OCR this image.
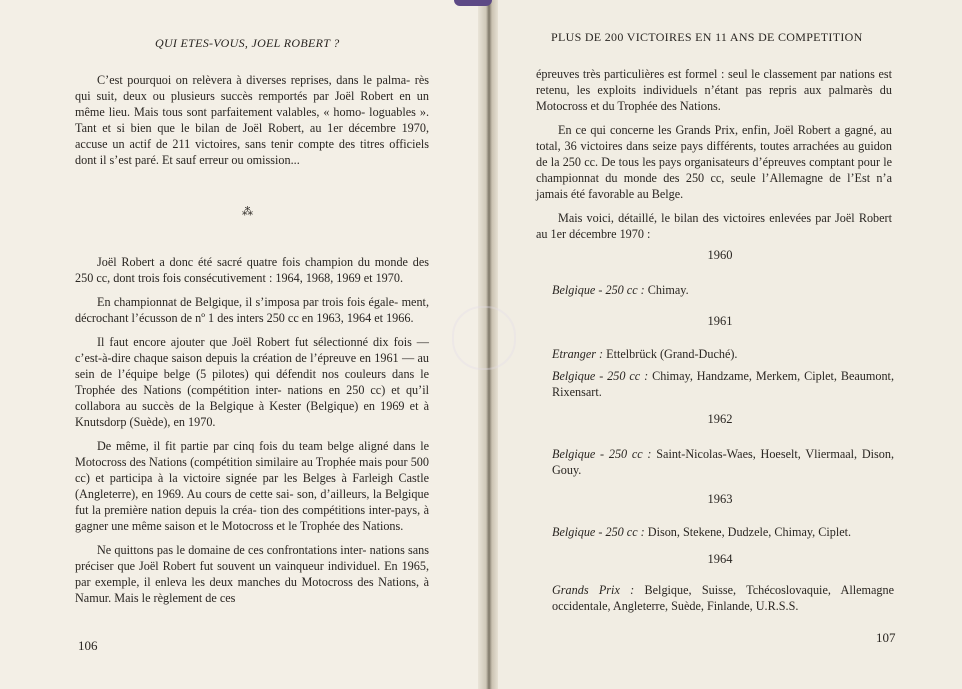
QUI ETES-VOUS, JOEL ROBERT ?

C’est pourquoi on relèvera à diverses reprises, dans le palma- rès qui suit, deux ou plusieurs succès remportés par Joël Robert en un même lieu. Mais tous sont parfaitement valables, « homo- loguables ». Tant et si bien que le bilan de Joël Robert, au 1er décembre 1970, accuse un actif de 211 victoires, sans tenir compte des titres officiels dont il s’est paré. Et sauf erreur ou omission...

⁂

Joël Robert a donc été sacré quatre fois champion du monde des 250 cc, dont trois fois consécutivement : 1964, 1968, 1969 et 1970.

En championnat de Belgique, il s’imposa par trois fois égale- ment, décrochant l’écusson de nº 1 des inters 250 cc en 1963, 1964 et 1966.

Il faut encore ajouter que Joël Robert fut sélectionné dix fois — c’est-à-dire chaque saison depuis la création de l’épreuve en 1961 — au sein de l’équipe belge (5 pilotes) qui défendit nos couleurs dans le Trophée des Nations (compétition inter- nations en 250 cc) et qu’il collabora au succès de la Belgique à Kester (Belgique) en 1969 et à Knutsdorp (Suède), en 1970.

De même, il fit partie par cinq fois du team belge aligné dans le Motocross des Nations (compétition similaire au Trophée mais pour 500 cc) et participa à la victoire signée par les Belges à Farleigh Castle (Angleterre), en 1969. Au cours de cette sai- son, d’ailleurs, la Belgique fut la première nation depuis la créa- tion des compétitions inter-pays, à gagner une même saison et le Motocross et le Trophée des Nations.

Ne quittons pas le domaine de ces confrontations inter- nations sans préciser que Joël Robert fut souvent un vainqueur individuel. En 1965, par exemple, il enleva les deux manches du Motocross des Nations, à Namur. Mais le règlement de ces

106
PLUS DE 200 VICTOIRES EN 11 ANS DE COMPETITION

épreuves très particulières est formel : seul le classement par nations est retenu, les exploits individuels n’étant pas repris aux palmarès du Motocross et du Trophée des Nations.

En ce qui concerne les Grands Prix, enfin, Joël Robert a gagné, au total, 36 victoires dans seize pays différents, toutes arrachées au guidon de la 250 cc. De tous les pays organisateurs d’épreuves comptant pour le championnat du monde des 250 cc, seule l’Allemagne de l’Est n’a jamais été favorable au Belge.

Mais voici, détaillé, le bilan des victoires enlevées par Joël Robert au 1er décembre 1970 :

1960
Belgique - 250 cc : Chimay.
1961
Etranger : Ettelbrück (Grand-Duché).
Belgique - 250 cc : Chimay, Handzame, Merkem, Ciplet, Beaumont, Rixensart.
1962
Belgique - 250 cc : Saint-Nicolas-Waes, Hoeselt, Vliermaal, Dison, Gouy.
1963
Belgique - 250 cc : Dison, Stekene, Dudzele, Chimay, Ciplet.
1964
Grands Prix : Belgique, Suisse, Tchécoslovaquie, Allemagne occidentale, Angleterre, Suède, Finlande, U.R.S.S.
107
